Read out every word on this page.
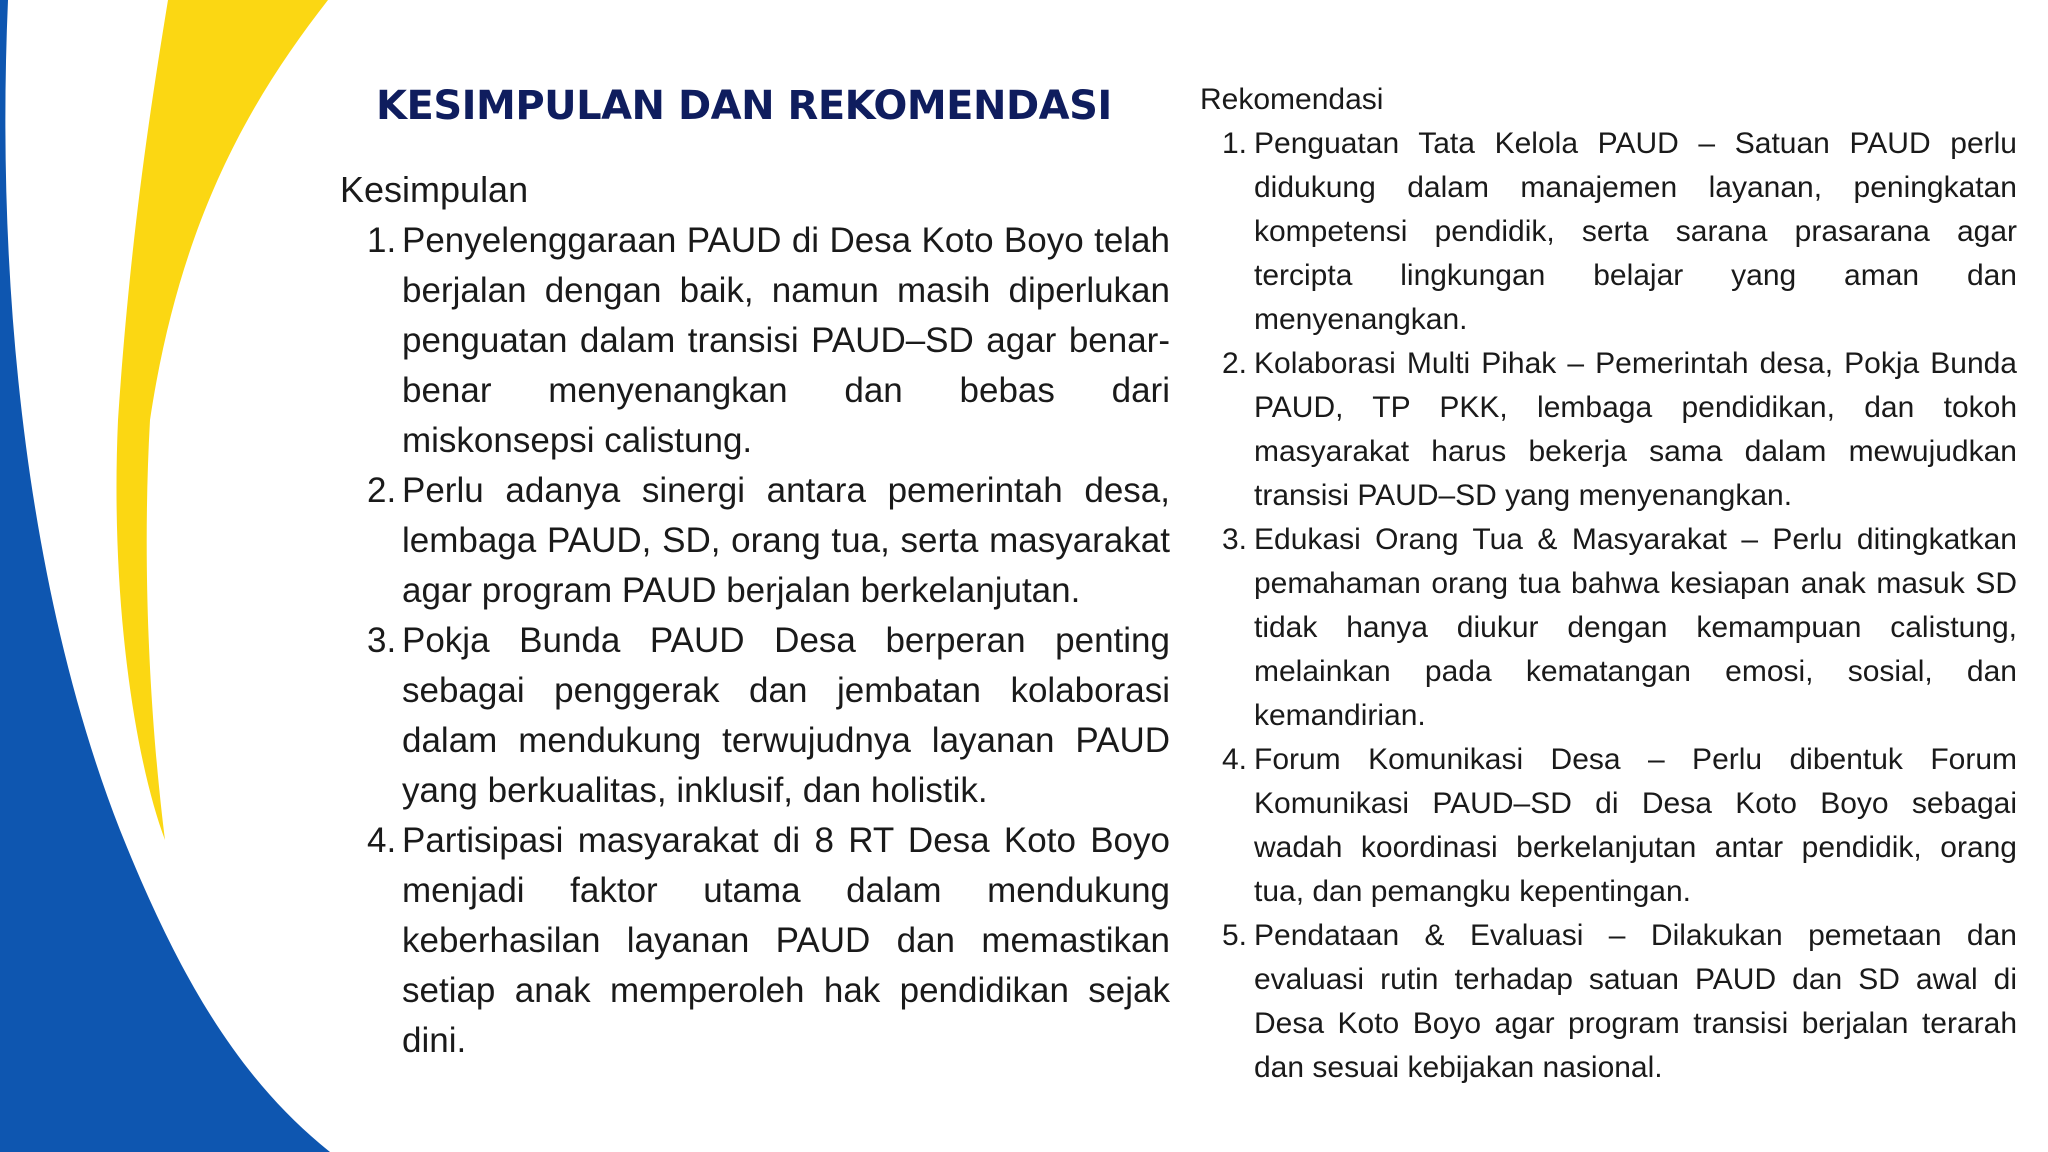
KESIMPULAN DAN REKOMENDASI

Kesimpulan

1. Penyelenggaraan PAUD di Desa Koto Boyo telah berjalan dengan baik, namun masih diperlukan penguatan dalam transisi PAUD–SD agar benar-benar menyenangkan dan bebas dari miskonsepsi calistung.
2. Perlu adanya sinergi antara pemerintah desa, lembaga PAUD, SD, orang tua, serta masyarakat agar program PAUD berjalan berkelanjutan.
3. Pokja Bunda PAUD Desa berperan penting sebagai penggerak dan jembatan kolaborasi dalam mendukung terwujudnya layanan PAUD yang berkualitas, inklusif, dan holistik.
4. Partisipasi masyarakat di 8 RT Desa Koto Boyo menjadi faktor utama dalam mendukung keberhasilan layanan PAUD dan memastikan setiap anak memperoleh hak pendidikan sejak dini.

Rekomendasi

1. Penguatan Tata Kelola PAUD – Satuan PAUD perlu didukung dalam manajemen layanan, peningkatan kompetensi pendidik, serta sarana prasarana agar tercipta lingkungan belajar yang aman dan menyenangkan.
2. Kolaborasi Multi Pihak – Pemerintah desa, Pokja Bunda PAUD, TP PKK, lembaga pendidikan, dan tokoh masyarakat harus bekerja sama dalam mewujudkan transisi PAUD–SD yang menyenangkan.
3. Edukasi Orang Tua & Masyarakat – Perlu ditingkatkan pemahaman orang tua bahwa kesiapan anak masuk SD tidak hanya diukur dengan kemampuan calistung, melainkan pada kematangan emosi, sosial, dan kemandirian.
4. Forum Komunikasi Desa – Perlu dibentuk Forum Komunikasi PAUD–SD di Desa Koto Boyo sebagai wadah koordinasi berkelanjutan antar pendidik, orang tua, dan pemangku kepentingan.
5. Pendataan & Evaluasi – Dilakukan pemetaan dan evaluasi rutin terhadap satuan PAUD dan SD awal di Desa Koto Boyo agar program transisi berjalan terarah dan sesuai kebijakan nasional.
